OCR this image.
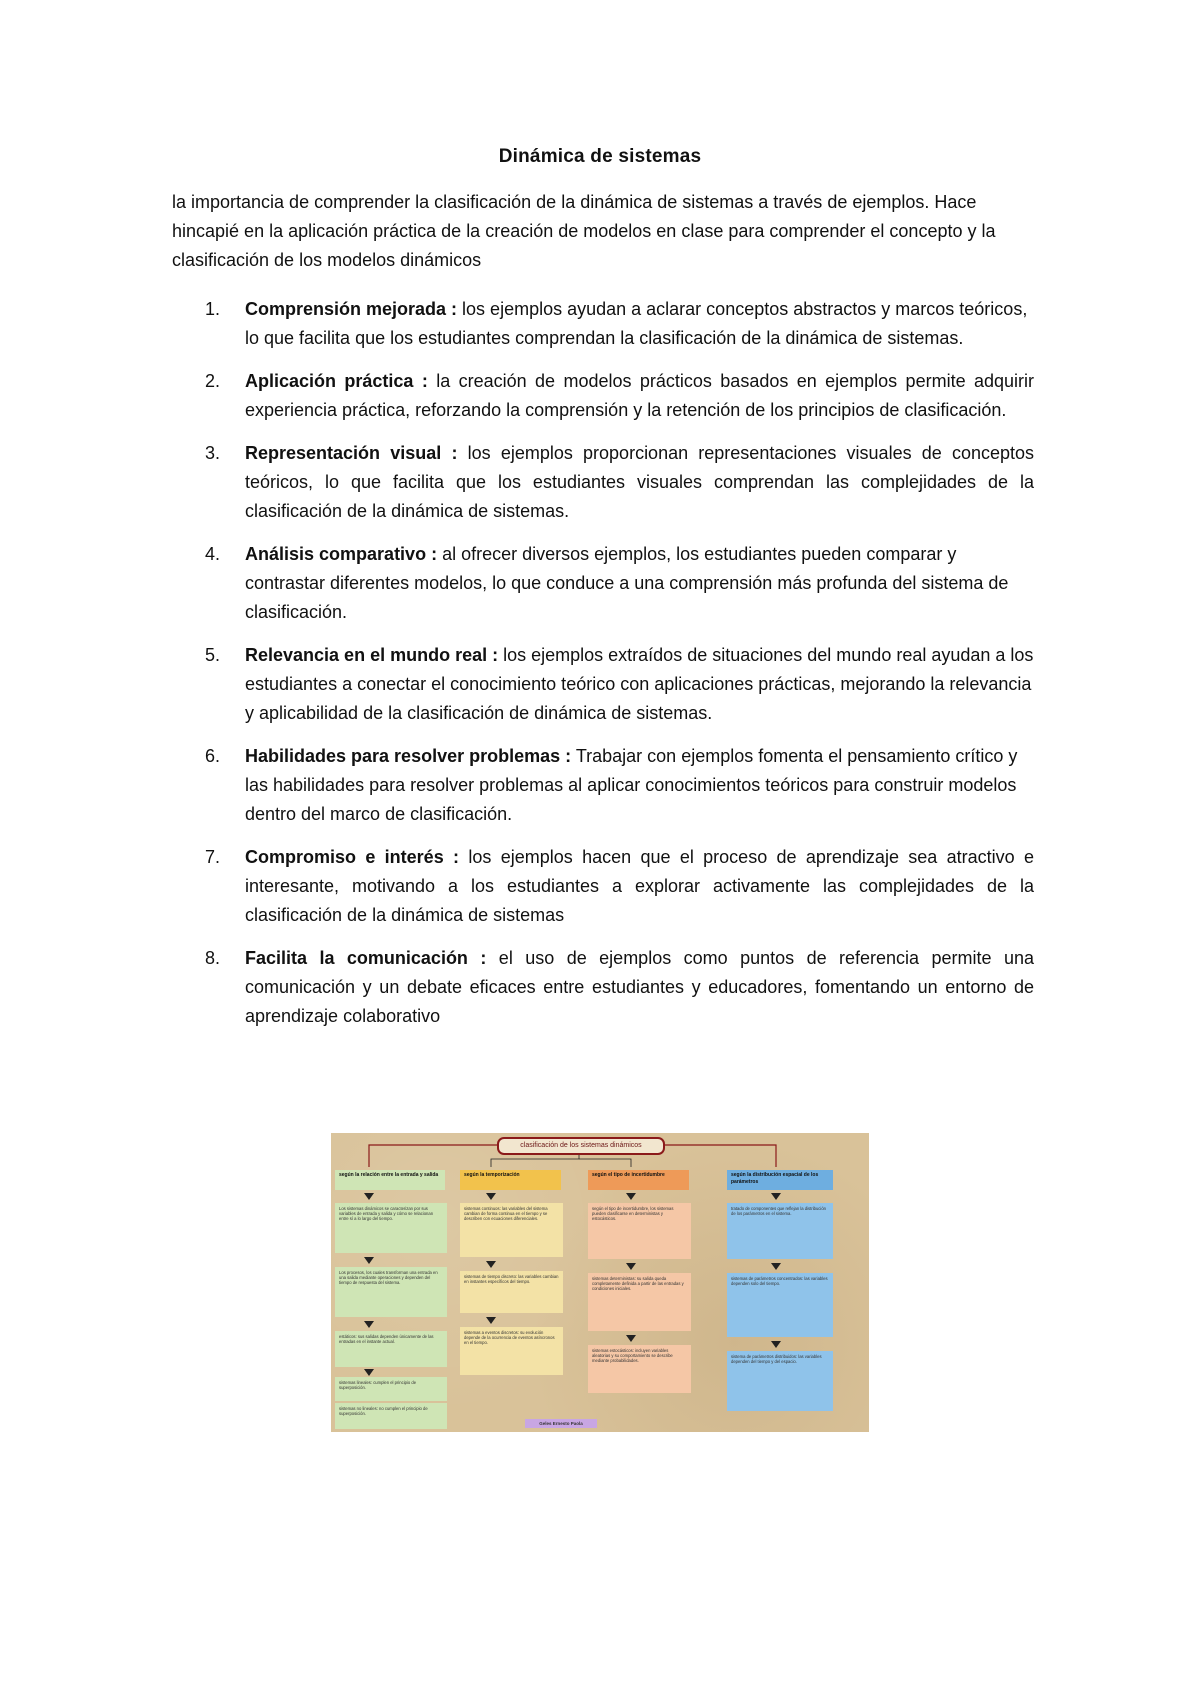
Dinámica de sistemas

la importancia de comprender la clasificación de la dinámica de sistemas a través de ejemplos. Hace hincapié en la aplicación práctica de la creación de modelos en clase para comprender el concepto y la clasificación de los modelos dinámicos

1. Comprensión mejorada : los ejemplos ayudan a aclarar conceptos abstractos y marcos teóricos, lo que facilita que los estudiantes comprendan la clasificación de la dinámica de sistemas.
2. Aplicación práctica : la creación de modelos prácticos basados en ejemplos permite adquirir experiencia práctica, reforzando la comprensión y la retención de los principios de clasificación.
3. Representación visual : los ejemplos proporcionan representaciones visuales de conceptos teóricos, lo que facilita que los estudiantes visuales comprendan las complejidades de la clasificación de la dinámica de sistemas.
4. Análisis comparativo : al ofrecer diversos ejemplos, los estudiantes pueden comparar y contrastar diferentes modelos, lo que conduce a una comprensión más profunda del sistema de clasificación.
5. Relevancia en el mundo real : los ejemplos extraídos de situaciones del mundo real ayudan a los estudiantes a conectar el conocimiento teórico con aplicaciones prácticas, mejorando la relevancia y aplicabilidad de la clasificación de dinámica de sistemas.
6. Habilidades para resolver problemas : Trabajar con ejemplos fomenta el pensamiento crítico y las habilidades para resolver problemas al aplicar conocimientos teóricos para construir modelos dentro del marco de clasificación.
7. Compromiso e interés : los ejemplos hacen que el proceso de aprendizaje sea atractivo e interesante, motivando a los estudiantes a explorar activamente las complejidades de la clasificación de la dinámica de sistemas
8. Facilita la comunicación : el uso de ejemplos como puntos de referencia permite una comunicación y un debate eficaces entre estudiantes y educadores, fomentando un entorno de aprendizaje colaborativo
clasificación de los sistemas dinámicos
según la relación entre la entrada y salida	según la temporización	según el tipo de incertidumbre	según la distribución espacial de los parámetros
Los sistemas dinámicos se caracterizan por sus variables de entrada y salida y cómo se relacionan entre sí a lo largo del tiempo.
Los procesos, los cuales transforman una entrada en una salida mediante operaciones y dependen del tiempo de respuesta del sistema.
estáticos: sus salidas dependen únicamente de las entradas en el instante actual.
sistemas lineales: cumplen el principio de superposición.
sistemas no lineales: no cumplen el principio de superposición.
sistemas continuos: las variables del sistema cambian de forma continua en el tiempo y se describen con ecuaciones diferenciales.
sistemas de tiempo discreto: las variables cambian en instantes específicos del tiempo.
sistemas a eventos discretos: su evolución depende de la ocurrencia de eventos asíncronos en el tiempo.
según el tipo de incertidumbre, los sistemas pueden clasificarse en deterministas y estocásticos.
sistemas deterministas: su salida queda completamente definida a partir de las entradas y condiciones iniciales.
sistemas estocásticos: incluyen variables aleatorias y su comportamiento se describe mediante probabilidades.
tratado de componentes que reflejan la distribución de los parámetros en el sistema.
sistemas de parámetros concentrados: las variables dependen solo del tiempo.
sistema de parámetros distribuidos: las variables dependen del tiempo y del espacio.
Geles Ernesto Paola
